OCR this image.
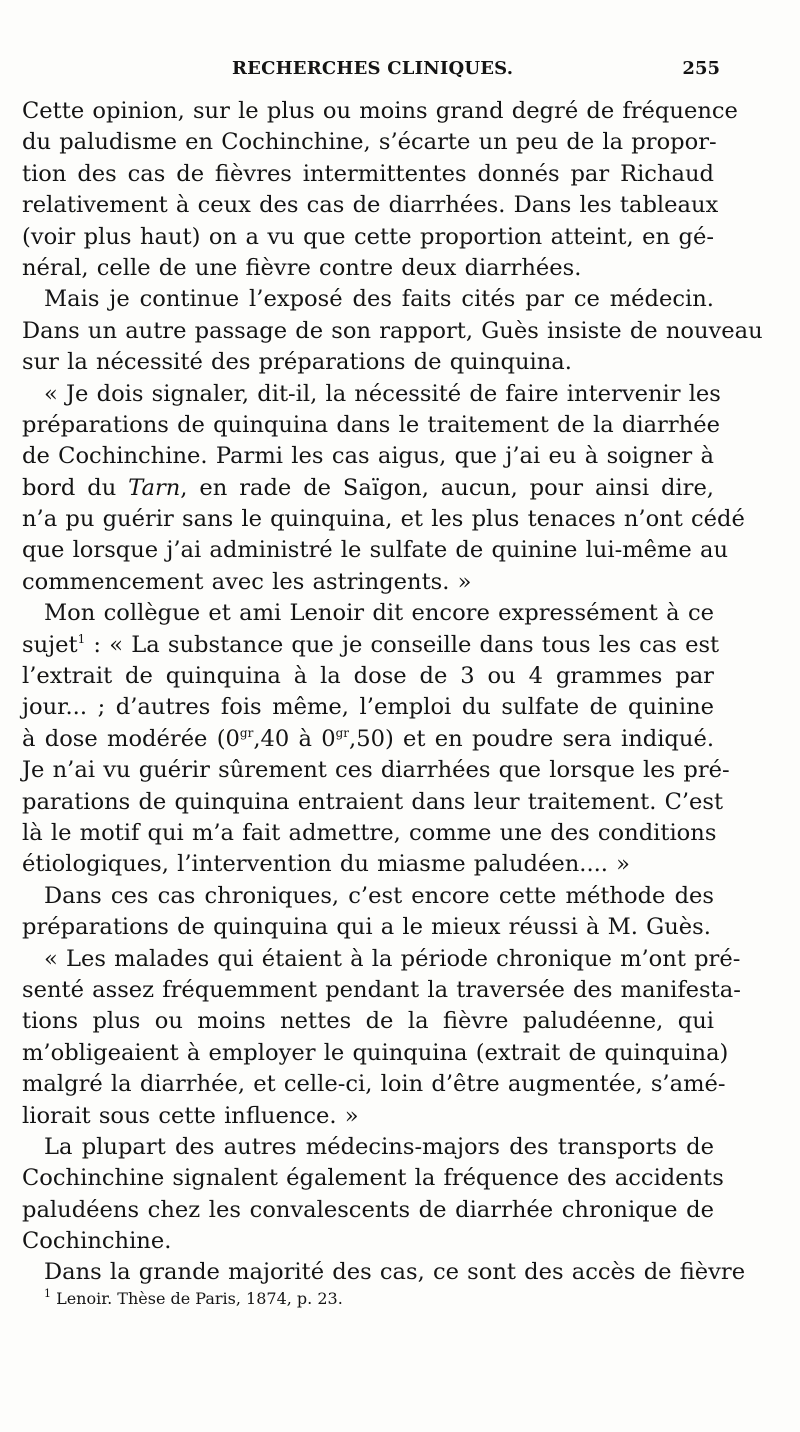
RECHERCHES CLINIQUES.	255
Cette opinion, sur le plus ou moins grand degré de fréquence
du paludisme en Cochinchine, s’écarte un peu de la propor-
tion des cas de fièvres intermittentes donnés par Richaud
relativement à ceux des cas de diarrhées. Dans les tableaux
(voir plus haut) on a vu que cette proportion atteint, en gé-
néral, celle de une fièvre contre deux diarrhées.
Mais je continue l’exposé des faits cités par ce médecin.
Dans un autre passage de son rapport, Guès insiste de nouveau
sur la nécessité des préparations de quinquina.
« Je dois signaler, dit-il, la nécessité de faire intervenir les
préparations de quinquina dans le traitement de la diarrhée
de Cochinchine. Parmi les cas aigus, que j’ai eu à soigner à
bord du Tarn, en rade de Saïgon, aucun, pour ainsi dire,
n’a pu guérir sans le quinquina, et les plus tenaces n’ont cédé
que lorsque j’ai administré le sulfate de quinine lui-même au
commencement avec les astringents. »
Mon collègue et ami Lenoir dit encore expressément à ce
sujet$^1$ : « La substance que je conseille dans tous les cas est
l’extrait de quinquina à la dose de 3 ou 4 grammes par
jour... ; d’autres fois même, l’emploi du sulfate de quinine
à dose modérée ($0^{gr},40$ à $0^{gr},50$) et en poudre sera indiqué.
Je n’ai vu guérir sûrement ces diarrhées que lorsque les pré-
parations de quinquina entraient dans leur traitement. C’est
là le motif qui m’a fait admettre, comme une des conditions
étiologiques, l’intervention du miasme paludéen.... »
Dans ces cas chroniques, c’est encore cette méthode des
préparations de quinquina qui a le mieux réussi à M. Guès.
« Les malades qui étaient à la période chronique m’ont pré-
senté assez fréquemment pendant la traversée des manifesta-
tions plus ou moins nettes de la fièvre paludéenne, qui
m’obligeaient à employer le quinquina (extrait de quinquina)
malgré la diarrhée, et celle-ci, loin d’être augmentée, s’amé-
liorait sous cette influence. »
La plupart des autres médecins-majors des transports de
Cochinchine signalent également la fréquence des accidents
paludéens chez les convalescents de diarrhée chronique de
Cochinchine.
Dans la grande majorité des cas, ce sont des accès de fièvre
$^1$ Lenoir. Thèse de Paris, 1874, p. 23.
